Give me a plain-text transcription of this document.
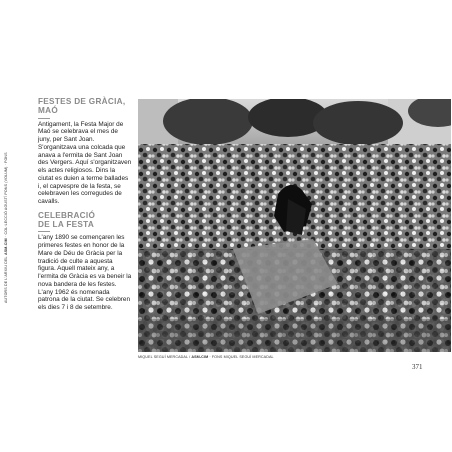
AUTORS DE L'ARXIU DEL

ASM-CIM

· COL·LECCIÓ AGUSTÍ PONS (VOLUM) · FONS
FESTES DE GRÀCIA, MAÓ

Antigament, la Festa Major de Maó se celebrava el mes de juny, per Sant Joan. S'organitzava una colcada que anava a l'ermita de Sant Joan des Vergers. Aquí s'organitzaven els actes religiosos. Dins la ciutat es duien a terme ballades i, el capvespre de la festa, se celebraven les corregudes de cavalls.

CELEBRACIÓ DE LA FESTA

L'any 1890 se començaren les primeres festes en honor de la Mare de Déu de Gràcia per la tradició de culte a aquesta figura. Aquell mateix any, a l'ermita de Gràcia es va beneir la nova bandera de les festes. L'any 1962 és nomenada patrona de la ciutat. Se celebren els dies 7 i 8 de setembre.

MIQUEL SEGUÍ MERCADAL / ASM-CIM · FONS MIQUEL SEGUÍ MERCADAL
371
